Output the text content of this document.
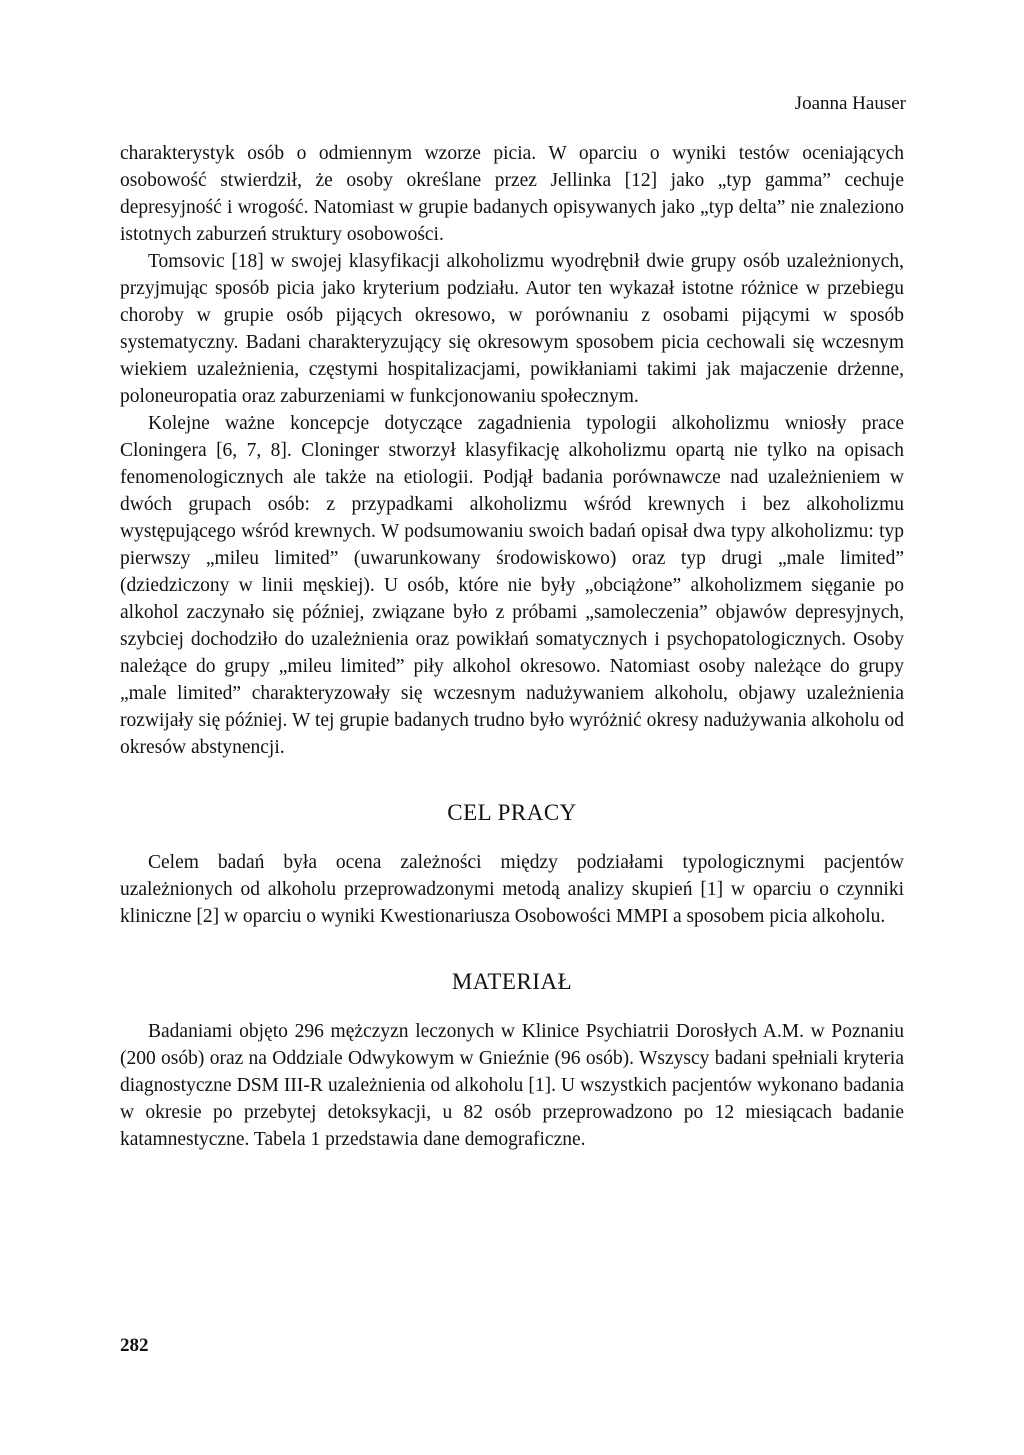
Joanna Hauser

charakterystyk osób o odmiennym wzorze picia. W oparciu o wyniki testów oceniających osobowość stwierdził, że osoby określane przez Jellinka [12] jako „typ gamma” cechuje depresyjność i wrogość. Natomiast w grupie badanych opisywanych jako „typ delta” nie znaleziono istotnych zaburzeń struktury osobowości.

Tomsovic [18] w swojej klasyfikacji alkoholizmu wyodrębnił dwie grupy osób uzależnionych, przyjmując sposób picia jako kryterium podziału. Autor ten wykazał istotne różnice w przebiegu choroby w grupie osób pijących okresowo, w porównaniu z osobami pijącymi w sposób systematyczny. Badani charakteryzujący się okresowym sposobem picia cechowali się wczesnym wiekiem uzależnienia, częstymi hospitalizacjami, powikłaniami takimi jak majaczenie drżenne, poloneuropatia oraz zaburzeniami w funkcjonowaniu społecznym.

Kolejne ważne koncepcje dotyczące zagadnienia typologii alkoholizmu wniosły prace Cloningera [6, 7, 8]. Cloninger stworzył klasyfikację alkoholizmu opartą nie tylko na opisach fenomenologicznych ale także na etiologii. Podjął badania porównawcze nad uzależnieniem w dwóch grupach osób: z przypadkami alkoholizmu wśród krewnych i bez alkoholizmu występującego wśród krewnych. W podsumowaniu swoich badań opisał dwa typy alkoholizmu: typ pierwszy „mileu limited” (uwarunkowany środowiskowo) oraz typ drugi „male limited” (dziedziczony w linii męskiej). U osób, które nie były „obciążone” alkoholizmem sięganie po alkohol zaczynało się później, związane było z próbami „samoleczenia” objawów depresyjnych, szybciej dochodziło do uzależnienia oraz powikłań somatycznych i psychopatologicznych. Osoby należące do grupy „mileu limited” piły alkohol okresowo. Natomiast osoby należące do grupy „male limited” charakteryzowały się wczesnym nadużywaniem alkoholu, objawy uzależnienia rozwijały się później. W tej grupie badanych trudno było wyróżnić okresy nadużywania alkoholu od okresów abstynencji.

CEL PRACY

Celem badań była ocena zależności między podziałami typologicznymi pacjentów uzależnionych od alkoholu przeprowadzonymi metodą analizy skupień [1] w oparciu o czynniki kliniczne [2] w oparciu o wyniki Kwestionariusza Osobowości MMPI a sposobem picia alkoholu.

MATERIAŁ

Badaniami objęto 296 mężczyzn leczonych w Klinice Psychiatrii Dorosłych A.M. w Poznaniu (200 osób) oraz na Oddziale Odwykowym w Gnieźnie (96 osób). Wszyscy badani spełniali kryteria diagnostyczne DSM III-R uzależnienia od alkoholu [1]. U wszystkich pacjentów wykonano badania w okresie po przebytej detoksykacji, u 82 osób przeprowadzono po 12 miesiącach badanie katamnestyczne. Tabela 1 przedstawia dane demograficzne.

282
